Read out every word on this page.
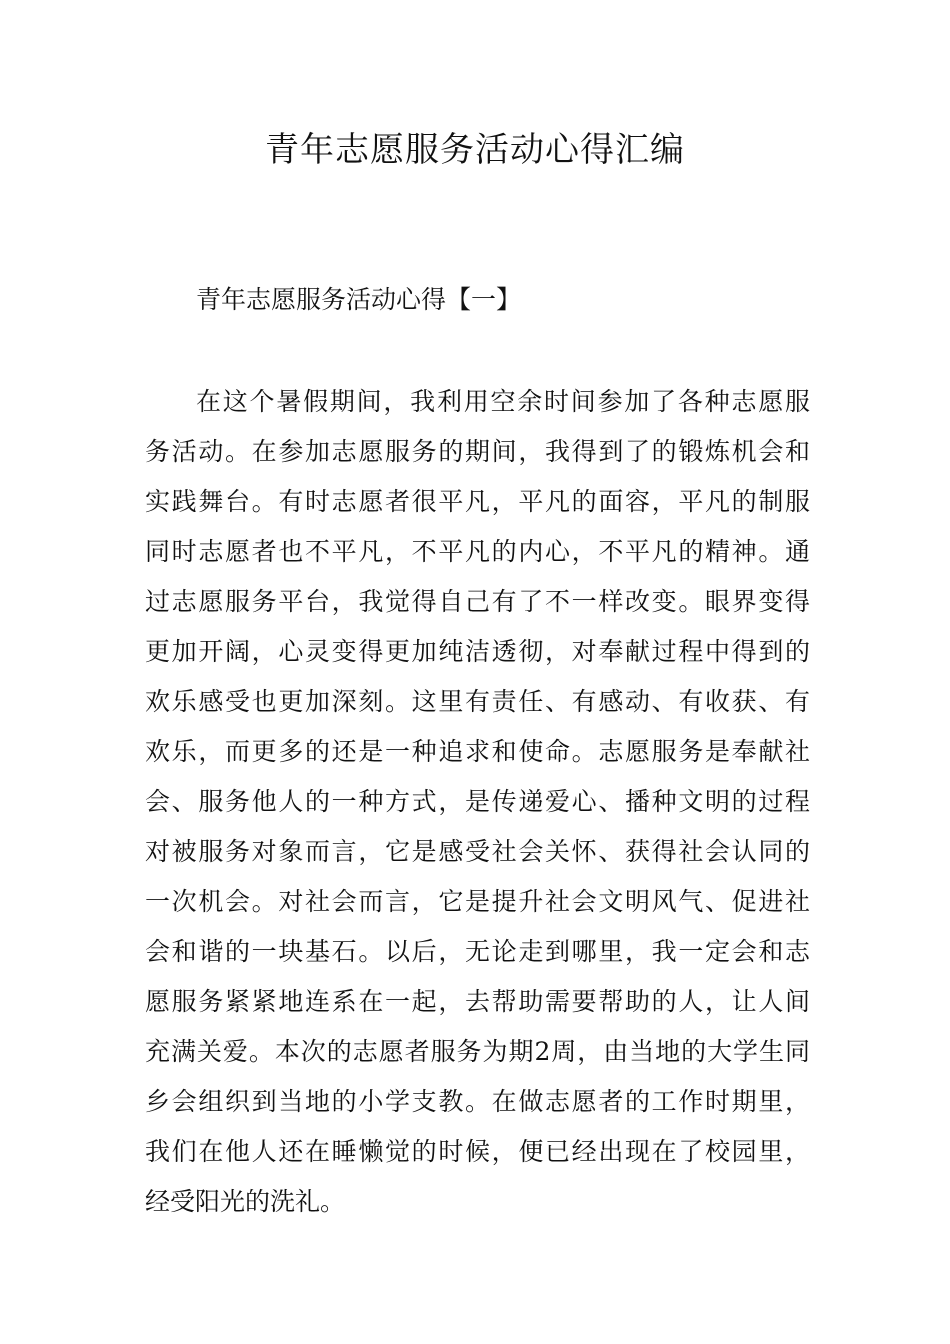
青年志愿服务活动心得汇编
青年志愿服务活动心得【一】
在这个暑假期间，我利用空余时间参加了各种志愿服
务活动。在参加志愿服务的期间，我得到了的锻炼机会和
实践舞台。有时志愿者很平凡，平凡的面容，平凡的制服
同时志愿者也不平凡，不平凡的内心，不平凡的精神。通
过志愿服务平台，我觉得自己有了不一样改变。眼界变得
更加开阔，心灵变得更加纯洁透彻，对奉献过程中得到的
欢乐感受也更加深刻。这里有责任、有感动、有收获、有
欢乐，而更多的还是一种追求和使命。志愿服务是奉献社
会、服务他人的一种方式，是传递爱心、播种文明的过程
对被服务对象而言，它是感受社会关怀、获得社会认同的
一次机会。对社会而言，它是提升社会文明风气、促进社
会和谐的一块基石。以后，无论走到哪里，我一定会和志
愿服务紧紧地连系在一起，去帮助需要帮助的人，让人间
充满关爱。本次的志愿者服务为期2周，由当地的大学生同
乡会组织到当地的小学支教。在做志愿者的工作时期里，
我们在他人还在睡懒觉的时候，便已经出现在了校园里，
经受阳光的洗礼。
